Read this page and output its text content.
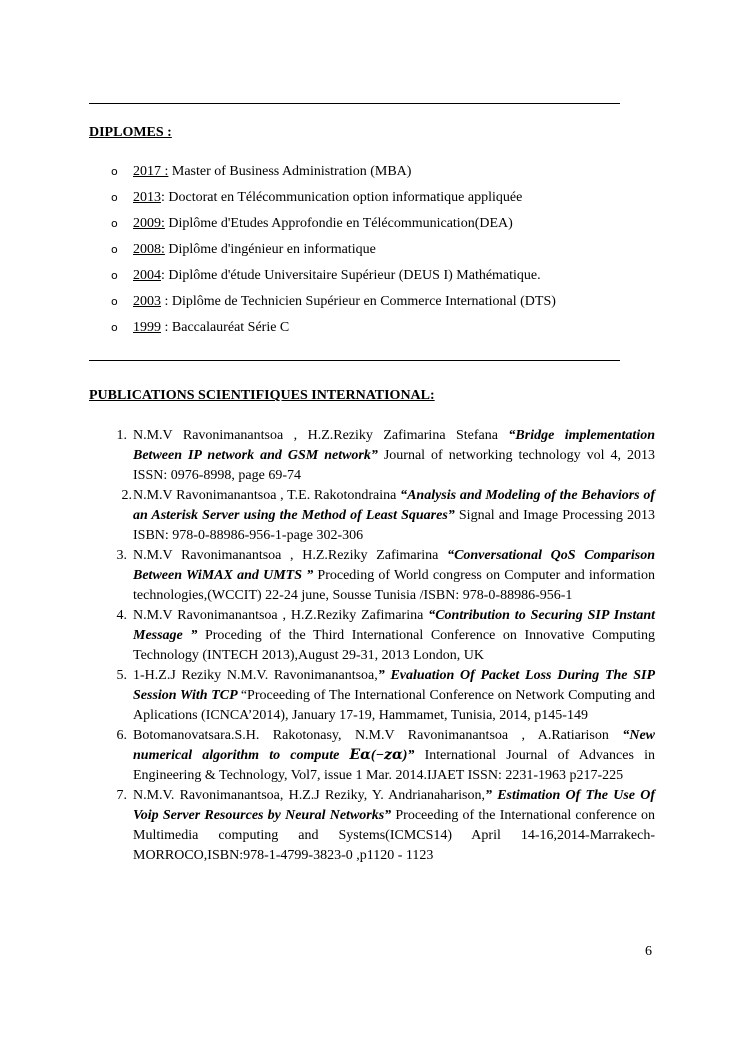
DIPLOMES :
o 2017 : Master of Business Administration (MBA)
o 2013: Doctorat en Télécommunication option informatique appliquée
o 2009: Diplôme d'Etudes Approfondie en Télécommunication(DEA)
o 2008: Diplôme d'ingénieur en informatique
o 2004: Diplôme d'étude Universitaire Supérieur (DEUS I) Mathématique.
o 2003 : Diplôme de Technicien Supérieur en Commerce International (DTS)
o 1999 : Baccalauréat Série C
PUBLICATIONS SCIENTIFIQUES INTERNATIONAL:
1. N.M.V Ravonimanantsoa , H.Z.Reziky Zafimarina Stefana “Bridge implementation Between IP network and GSM network” Journal of networking technology vol 4, 2013 ISSN: 0976-8998, page 69-74
2. N.M.V Ravonimanantsoa , T.E. Rakotondraina “Analysis and Modeling of the Behaviors of an Asterisk Server using the Method of Least Squares” Signal and Image Processing 2013 ISBN: 978-0-88986-956-1-page 302-306
3. N.M.V Ravonimanantsoa , H.Z.Reziky Zafimarina “Conversational QoS Comparison Between WiMAX and UMTS ” Proceding of World congress on Computer and information technologies,(WCCIT) 22-24 june, Sousse Tunisia /ISBN: 978-0-88986-956-1
4. N.M.V Ravonimanantsoa , H.Z.Reziky Zafimarina “Contribution to Securing SIP Instant Message ” Proceding of the Third International Conference on Innovative Computing Technology (INTECH 2013),August 29-31, 2013 London, UK
5. 1-H.Z.J Reziky N.M.V. Ravonimanantsoa,” Evaluation Of Packet Loss During The SIP Session With TCP “Proceeding of The International Conference on Network Computing and Aplications (ICNCA’2014), January 17-19, Hammamet, Tunisia, 2014, p145-149
6. Botomanovatsara.S.H. Rakotonasy, N.M.V Ravonimanantsoa , A.Ratiarison “New numerical algorithm to compute 𝑬𝜶(−𝒛𝜶)” International Journal of Advances in Engineering & Technology, Vol7, issue 1 Mar. 2014.IJAET ISSN: 2231-1963 p217-225
7. N.M.V. Ravonimanantsoa, H.Z.J Reziky, Y. Andrianaharison,” Estimation Of The Use Of Voip Server Resources by Neural Networks” Proceeding of the International conference on Multimedia computing and Systems(ICMCS14) April 14-16,2014-Marrakech-MORROCO,ISBN:978-1-4799-3823-0 ,p1120 - 1123
6
